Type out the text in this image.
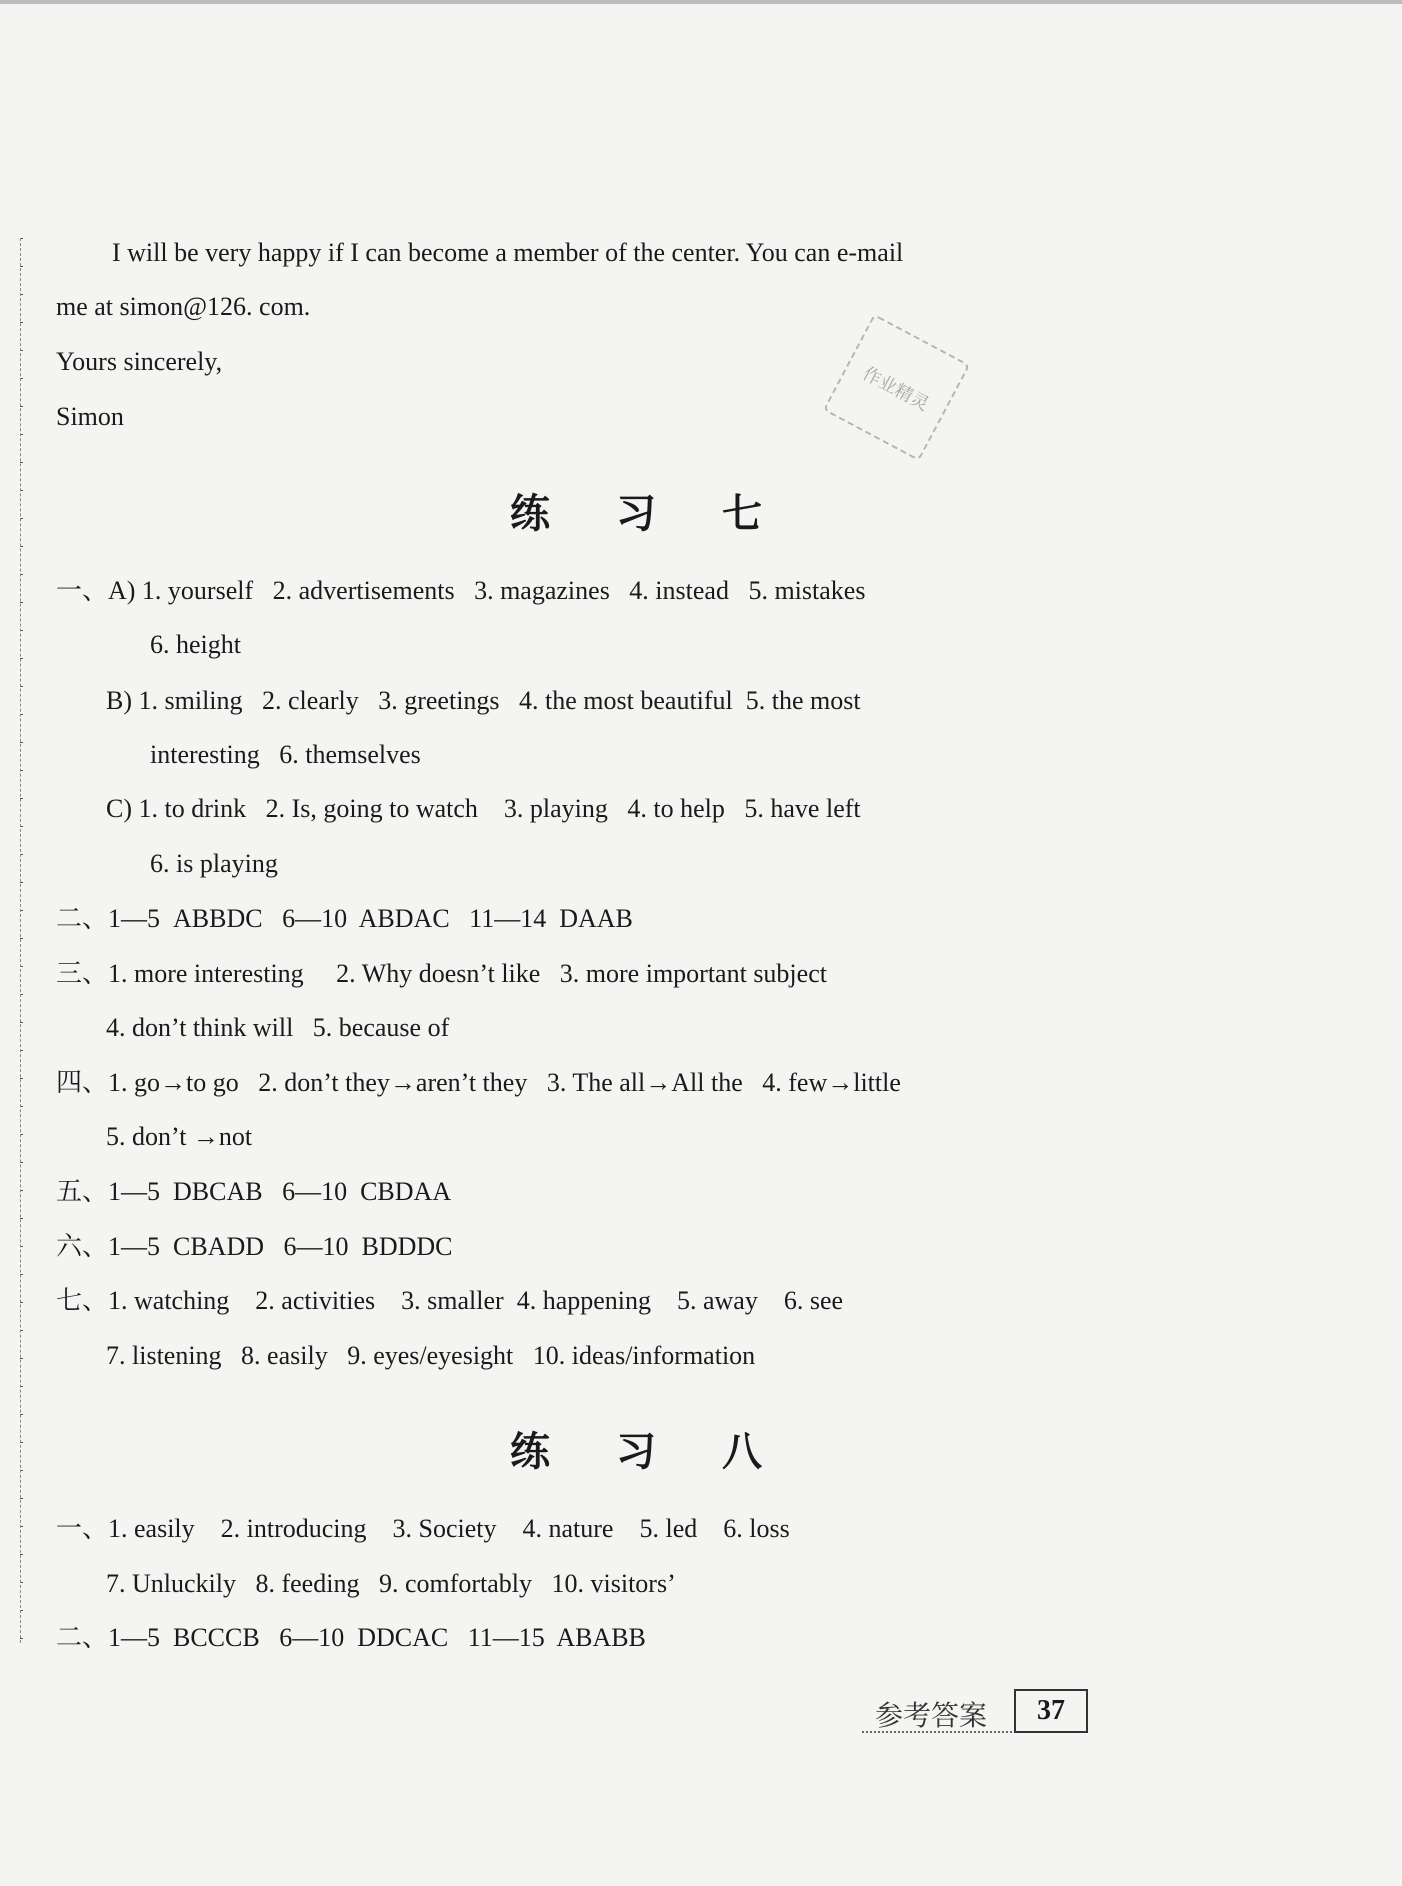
I will be very happy if I can become a member of the center. You can e-mail
me at simon@126. com.
Yours sincerely,
Simon
作业精灵
练 习 七
一、A) 1. yourself   2. advertisements   3. magazines   4. instead   5. mistakes
6. height
B) 1. smiling   2. clearly   3. greetings   4. the most beautiful  5. the most
interesting   6. themselves
C) 1. to drink   2. Is, going to watch    3. playing   4. to help   5. have left
6. is playing
二、1—5  ABBDC   6—10  ABDAC   11—14  DAAB
三、1. more interesting     2. Why doesn’t like   3. more important subject
4. don’t think will   5. because of
四、1. go→to go   2. don’t they→aren’t they   3. The all→All the   4. few→little
5. don’t →not
五、1—5  DBCAB   6—10  CBDAA
六、1—5  CBADD   6—10  BDDDC
七、1. watching    2. activities    3. smaller  4. happening    5. away    6. see
7. listening   8. easily   9. eyes/eyesight   10. ideas/information
练 习 八
一、1. easily    2. introducing    3. Society    4. nature    5. led    6. loss
7. Unluckily   8. feeding   9. comfortably   10. visitors’
二、1—5  BCCCB   6—10  DDCAC   11—15  ABABB
参考答案	37
